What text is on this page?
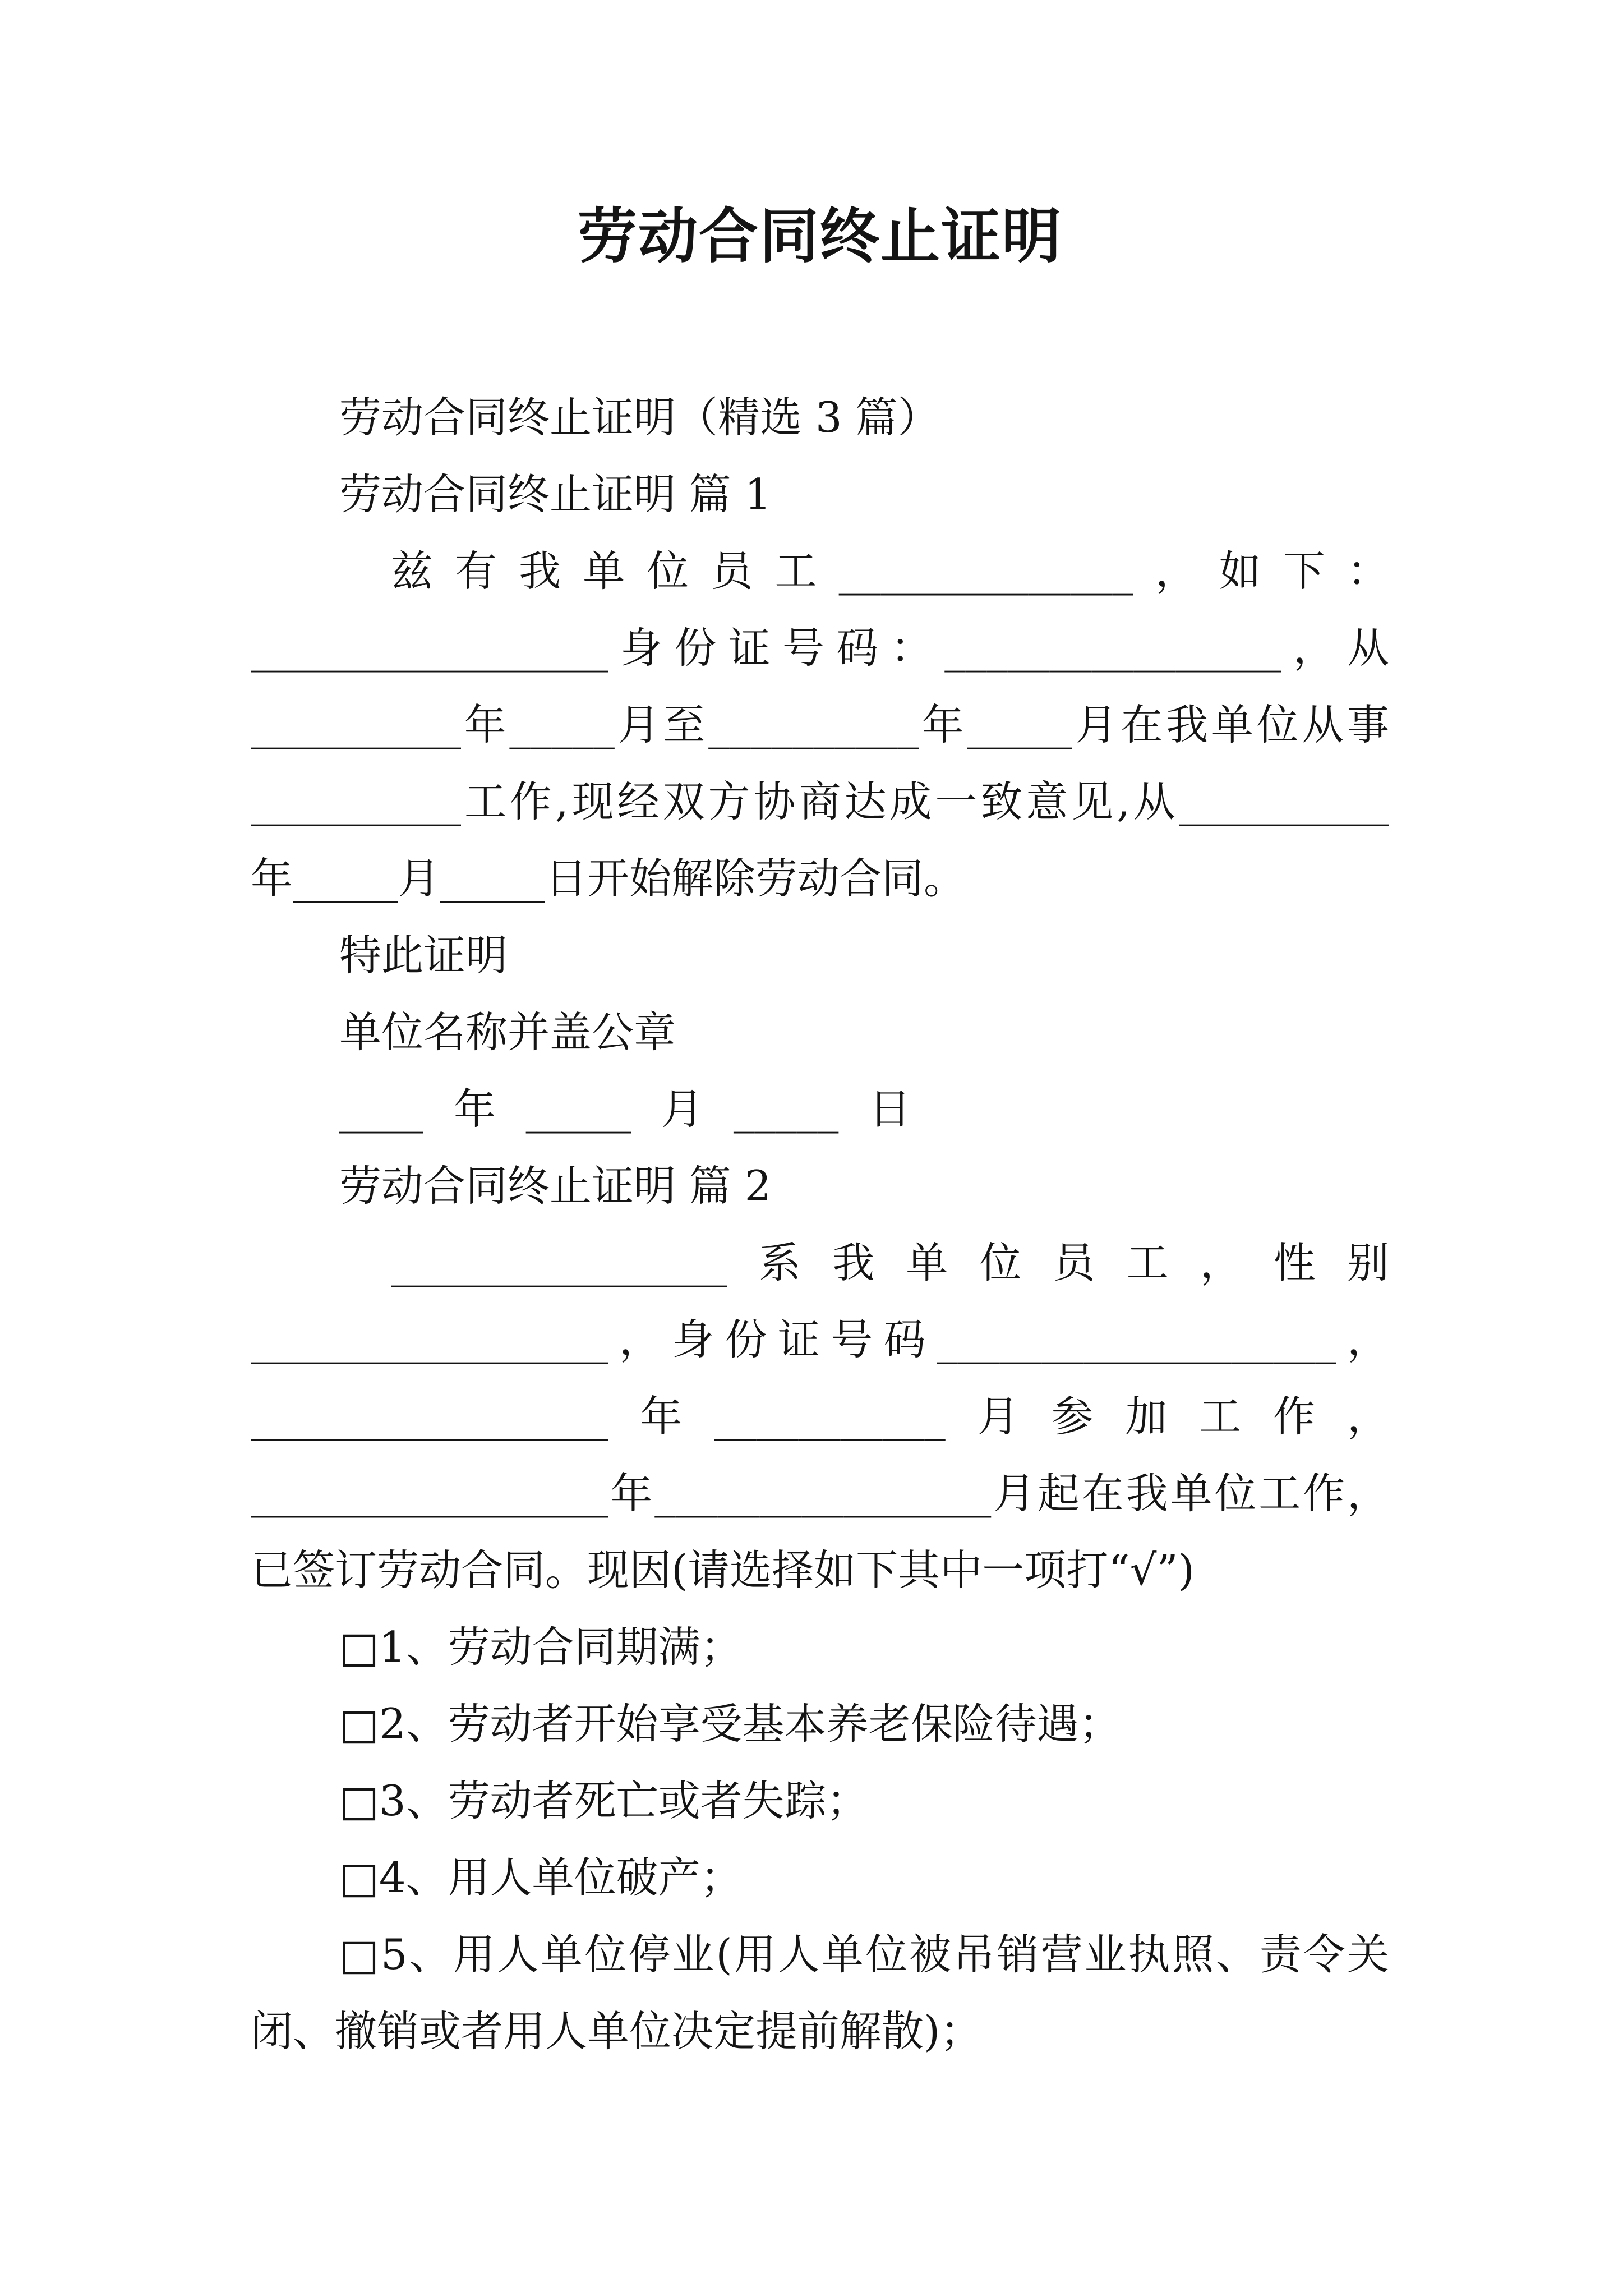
劳动合同终止证明
劳动合同终止证明（精选 3 篇）
劳动合同终止证明 篇 1
兹有我单位员工______________，如下：
_________________身份证号码：________________，从
__________年_____月至__________年_____月在我单位从事
__________工作,现经双方协商达成一致意见,从__________
年_____月_____日开始解除劳动合同。
特此证明
单位名称并盖公章
____ 年 _____ 月 _____ 日
劳动合同终止证明 篇 2
________________系我单位员工，性别
_________________，身份证号码___________________，
_________________年___________月参加工作，
_________________年________________月起在我单位工作，
已签订劳动合同。现因(请选择如下其中一项打“√”)
□1、劳动合同期满；
□2、劳动者开始享受基本养老保险待遇；
□3、劳动者死亡或者失踪；
□4、用人单位破产；
□5、用人单位停业(用人单位被吊销营业执照、责令关
闭、撤销或者用人单位决定提前解散)；
